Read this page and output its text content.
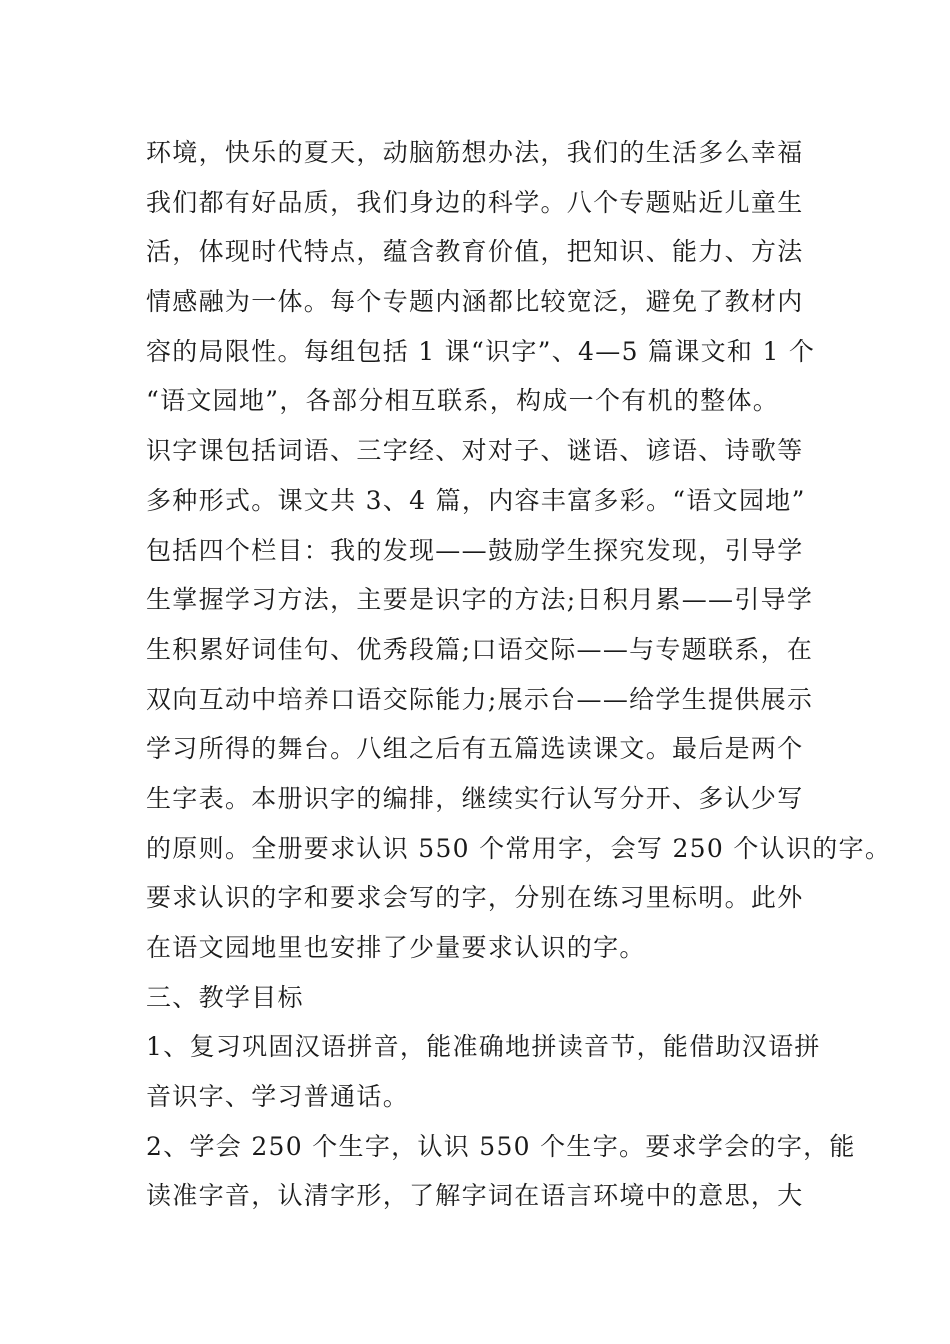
环境，快乐的夏天，动脑筋想办法，我们的生活多么幸福
我们都有好品质，我们身边的科学。八个专题贴近儿童生
活，体现时代特点，蕴含教育价值，把知识、能力、方法
情感融为一体。每个专题内涵都比较宽泛，避免了教材内
容的局限性。每组包括 1 课“识字”、4—5 篇课文和 1 个
“语文园地”，各部分相互联系，构成一个有机的整体。
识字课包括词语、三字经、对对子、谜语、谚语、诗歌等
多种形式。课文共 3、4 篇，内容丰富多彩。“语文园地”
包括四个栏目：我的发现——鼓励学生探究发现，引导学
生掌握学习方法，主要是识字的方法;日积月累——引导学
生积累好词佳句、优秀段篇;口语交际——与专题联系，在
双向互动中培养口语交际能力;展示台——给学生提供展示
学习所得的舞台。八组之后有五篇选读课文。最后是两个
生字表。本册识字的编排，继续实行认写分开、多认少写
的原则。全册要求认识 550 个常用字，会写 250 个认识的字。
要求认识的字和要求会写的字，分别在练习里标明。此外
在语文园地里也安排了少量要求认识的字。
三、教学目标
1、复习巩固汉语拼音，能准确地拼读音节，能借助汉语拼
音识字、学习普通话。
2、学会 250 个生字，认识 550 个生字。要求学会的字，能
读准字音，认清字形，了解字词在语言环境中的意思，大
